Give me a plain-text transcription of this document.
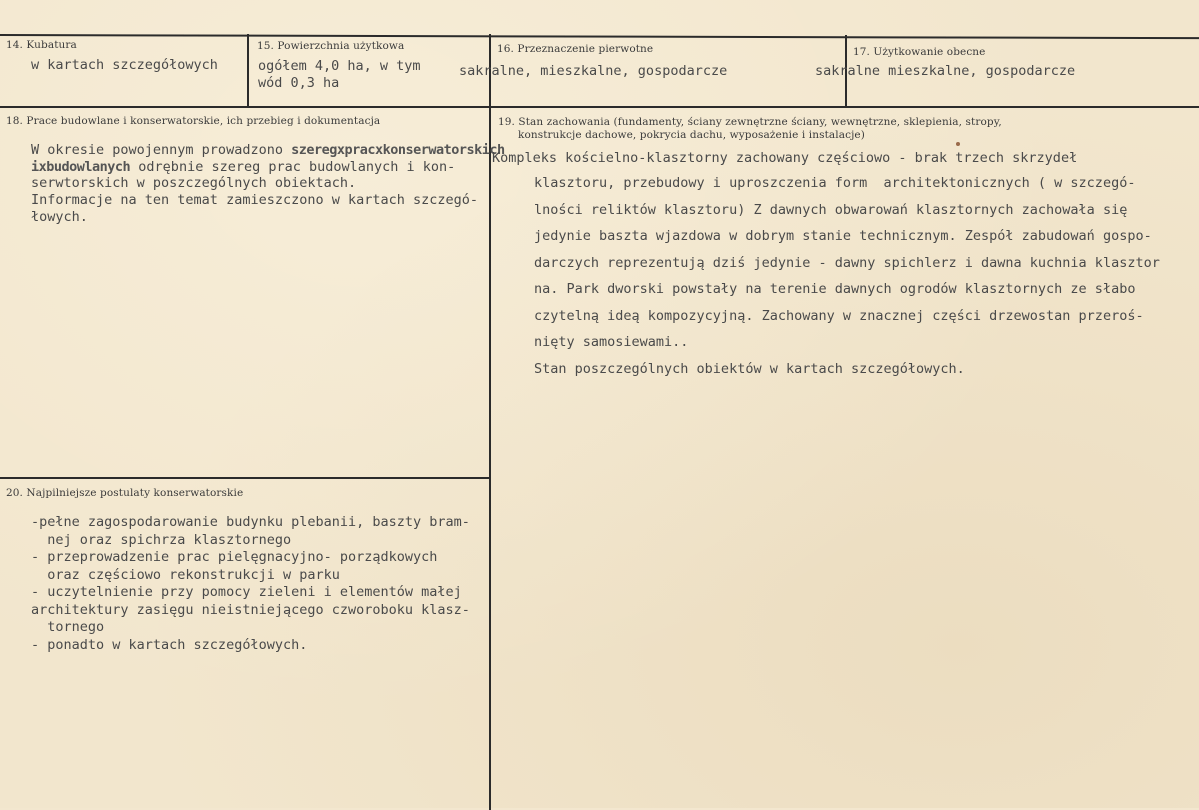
14. Kubatura
w kartach szczegółowych
15. Powierzchnia użytkowa
ogółem 4,0 ha, w tym
wód 0,3 ha
16. Przeznaczenie pierwotne
sakralne, mieszkalne, gospodarcze
17. Użytkowanie obecne
sakralne mieszkalne, gospodarcze
18. Prace budowlane i konserwatorskie, ich przebieg i dokumentacja
W okresie powojennym prowadzono szeregxpracxkonserwatorskich
ixbudowlanych odrębnie szereg prac budowlanych i kon-
serwtorskich w poszczególnych obiektach.
Informacje na ten temat zamieszczono w kartach szczegó-
łowych.
19. Stan zachowania (fundamenty, ściany zewnętrzne ściany, wewnętrzne, sklepienia, stropy,
konstrukcje dachowe, pokrycia dachu, wyposażenie i instalacje)
Kompleks kościelno-klasztorny zachowany częściowo - brak trzech skrzydeł
klasztoru, przebudowy i uproszczenia form  architektonicznych ( w szczegó-
lności reliktów klasztoru) Z dawnych obwarowań klasztornych zachowała się
jedynie baszta wjazdowa w dobrym stanie technicznym. Zespół zabudowań gospo-
darczych reprezentują dziś jedynie - dawny spichlerz i dawna kuchnia klasztor
na. Park dworski powstały na terenie dawnych ogrodów klasztornych ze słabo
czytelną ideą kompozycyjną. Zachowany w znacznej części drzewostan przeroś-
nięty samosiewami..
Stan poszczególnych obiektów w kartach szczegółowych.
20. Najpilniejsze postulaty konserwatorskie
-pełne zagospodarowanie budynku plebanii, baszty bram-
nej oraz spichrza klasztornego
- przeprowadzenie prac pielęgnacyjno- porządkowych
oraz częściowo rekonstrukcji w parku
- uczytelnienie przy pomocy zieleni i elementów małej
architektury zasięgu nieistniejącego czworoboku klasz-
tornego
- ponadto w kartach szczegółowych.
